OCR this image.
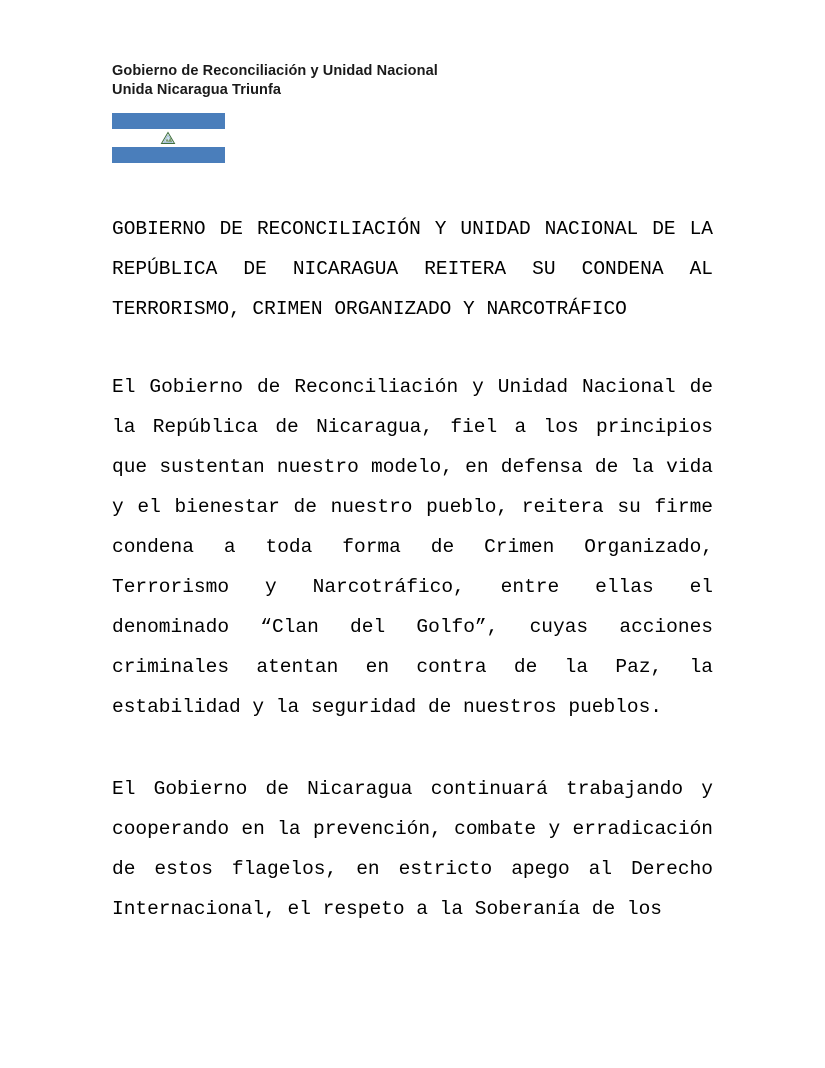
Gobierno de Reconciliación y Unidad Nacional
Unida Nicaragua Triunfa
GOBIERNO DE RECONCILIACIÓN Y UNIDAD NACIONAL DE LA REPÚBLICA DE NICARAGUA REITERA SU CONDENA AL TERRORISMO, CRIMEN ORGANIZADO Y NARCOTRÁFICO
El Gobierno de Reconciliación y Unidad Nacional de la República de Nicaragua, fiel a los principios que sustentan nuestro modelo, en defensa de la vida y el bienestar de nuestro pueblo, reitera su firme condena a toda forma de Crimen Organizado, Terrorismo y Narcotráfico, entre ellas el denominado “Clan del Golfo”, cuyas acciones criminales atentan en contra de la Paz, la estabilidad y la seguridad de nuestros pueblos.
El Gobierno de Nicaragua continuará trabajando y cooperando en la prevención, combate y erradicación de estos flagelos, en estricto apego al Derecho Internacional, el respeto a la Soberanía de los
